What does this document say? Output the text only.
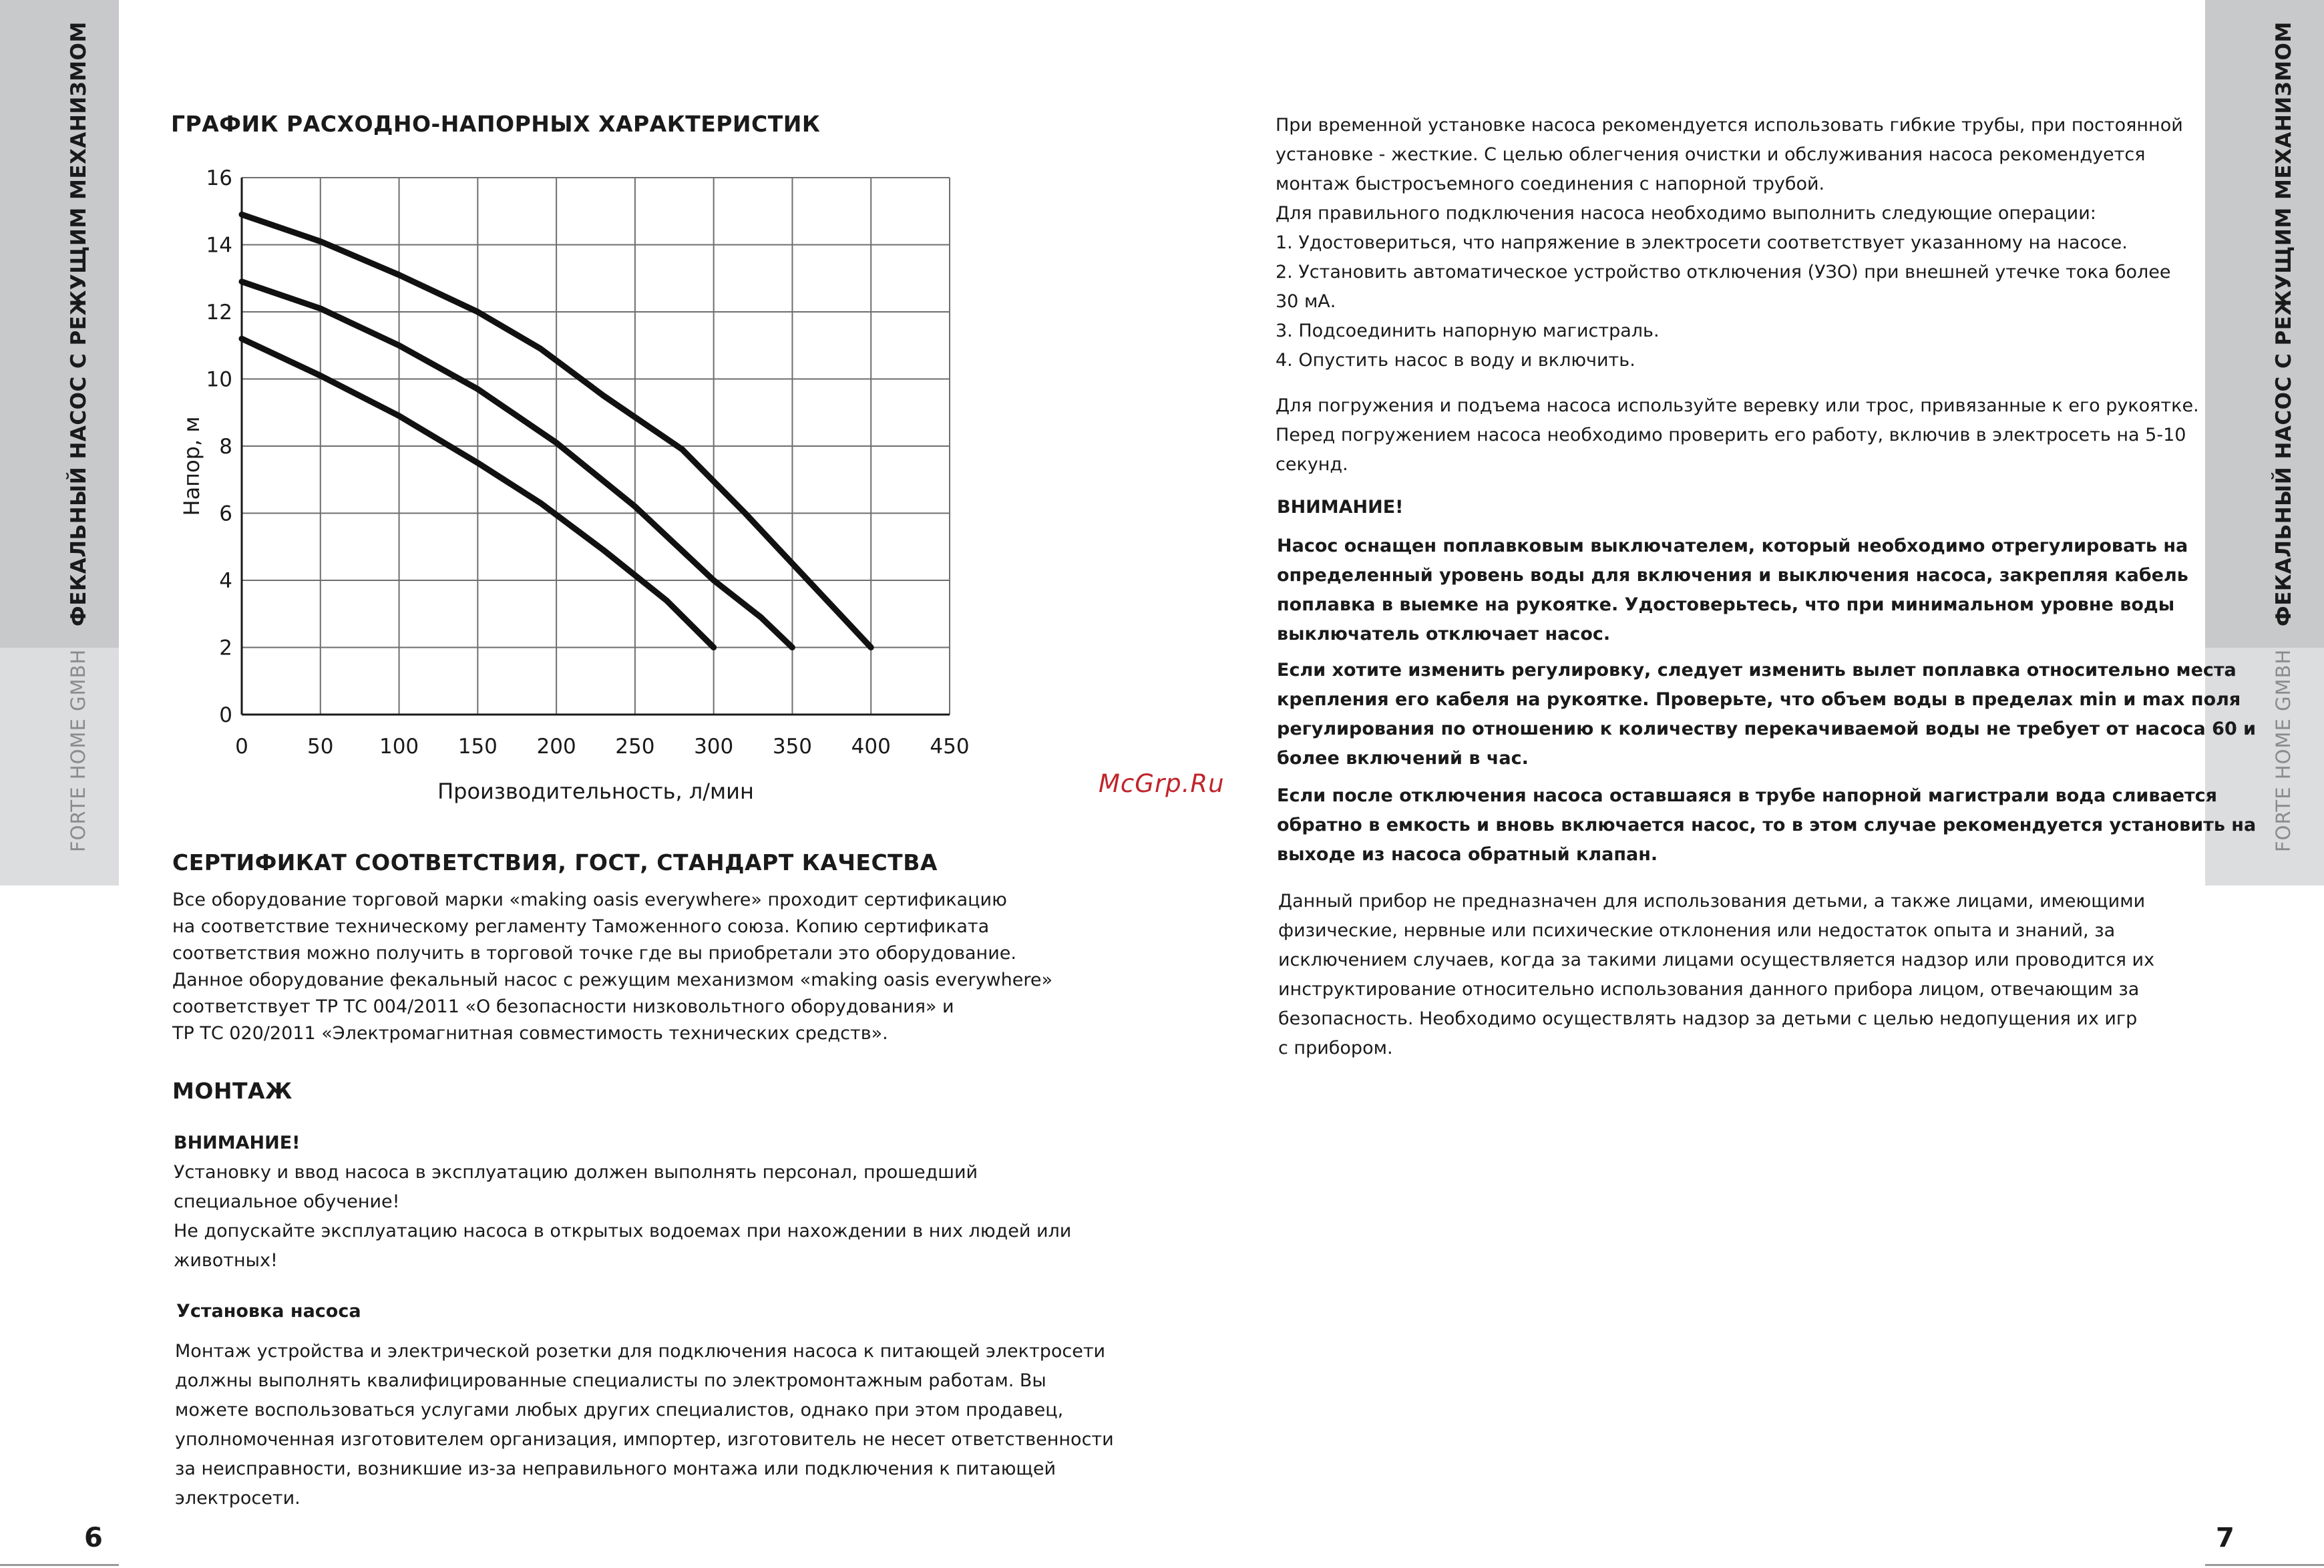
ФЕКАЛЬНЫЙ НАСОС С РЕЖУЩИМ МЕХАНИЗМОМ
FORTE HOME GMBH
ФЕКАЛЬНЫЙ НАСОС С РЕЖУЩИМ МЕХАНИЗМОМ
FORTE HOME GMBH
6	7
ГРАФИК РАСХОДНО-НАПОРНЫХ ХАРАКТЕРИСТИК
0	50 100 150 200 250 300 350 400 450
0
2
4
6
8
10
12
14
16
Напор, м
Производительность, л/мин	McGrp.Ru
СЕРТИФИКАТ СООТВЕТСТВИЯ, ГОСТ, СТАНДАРТ КАЧЕСТВА
Все оборудование торговой марки «making oasis everywhere» проходит сертификацию
на соответствие техническому регламенту Таможенного союза. Копию сертификата
соответствия можно получить в торговой точке где вы приобретали это оборудование.
Данное оборудование фекальный насос с режущим механизмом «making oasis everywhere»
соответствует ТР ТС 004/2011 «О безопасности низковольтного оборудования» и
ТР ТС 020/2011 «Электромагнитная совместимость технических средств».
МОНТАЖ
ВНИМАНИЕ!
Установку и ввод насоса в эксплуатацию должен выполнять персонал, прошедший
специальное обучение!
Не допускайте эксплуатацию насоса в открытых водоемах при нахождении в них людей или
животных!
Установка насоса
Монтаж устройства и электрической розетки для подключения насоса к питающей электросети
должны выполнять квалифицированные специалисты по электромонтажным работам. Вы
можете воспользоваться услугами любых других специалистов, однако при этом продавец,
уполномоченная изготовителем организация, импортер, изготовитель не несет ответственности
за неисправности, возникшие из-за неправильного монтажа или подключения к питающей
электросети.
При временной установке насоса рекомендуется использовать гибкие трубы, при постоянной
установке - жесткие. С целью облегчения очистки и обслуживания насоса рекомендуется
монтаж быстросъемного соединения с напорной трубой.
Для правильного подключения насоса необходимо выполнить следующие операции:
1. Удостовериться, что напряжение в электросети соответствует указанному на насосе.
2. Установить автоматическое устройство отключения (УЗО) при внешней утечке тока более
30 мА.
3. Подсоединить напорную магистраль.
4. Опустить насос в воду и включить.
Для погружения и подъема насоса используйте веревку или трос, привязанные к его рукоятке.
Перед погружением насоса необходимо проверить его работу, включив в электросеть на 5-10
секунд.
ВНИМАНИЕ!
Насос оснащен поплавковым выключателем, который необходимо отрегулировать на
определенный уровень воды для включения и выключения насоса, закрепляя кабель
поплавка в выемке на рукоятке. Удостоверьтесь, что при минимальном уровне воды
выключатель отключает насос.
Если хотите изменить регулировку, следует изменить вылет поплавка относительно места
крепления его кабеля на рукоятке. Проверьте, что объем воды в пределах min и max поля
регулирования по отношению к количеству перекачиваемой воды не требует от насоса 60 и
более включений в час.
Если после отключения насоса оставшаяся в трубе напорной магистрали вода сливается
обратно в емкость и вновь включается насос, то в этом случае рекомендуется установить на
выходе из насоса обратный клапан.
Данный прибор не предназначен для использования детьми, а также лицами, имеющими
физические, нервные или психические отклонения или недостаток опыта и знаний, за
исключением случаев, когда за такими лицами осуществляется надзор или проводится их
инструктирование относительно использования данного прибора лицом, отвечающим за
безопасность. Необходимо осуществлять надзор за детьми с целью недопущения их игр
с прибором.
